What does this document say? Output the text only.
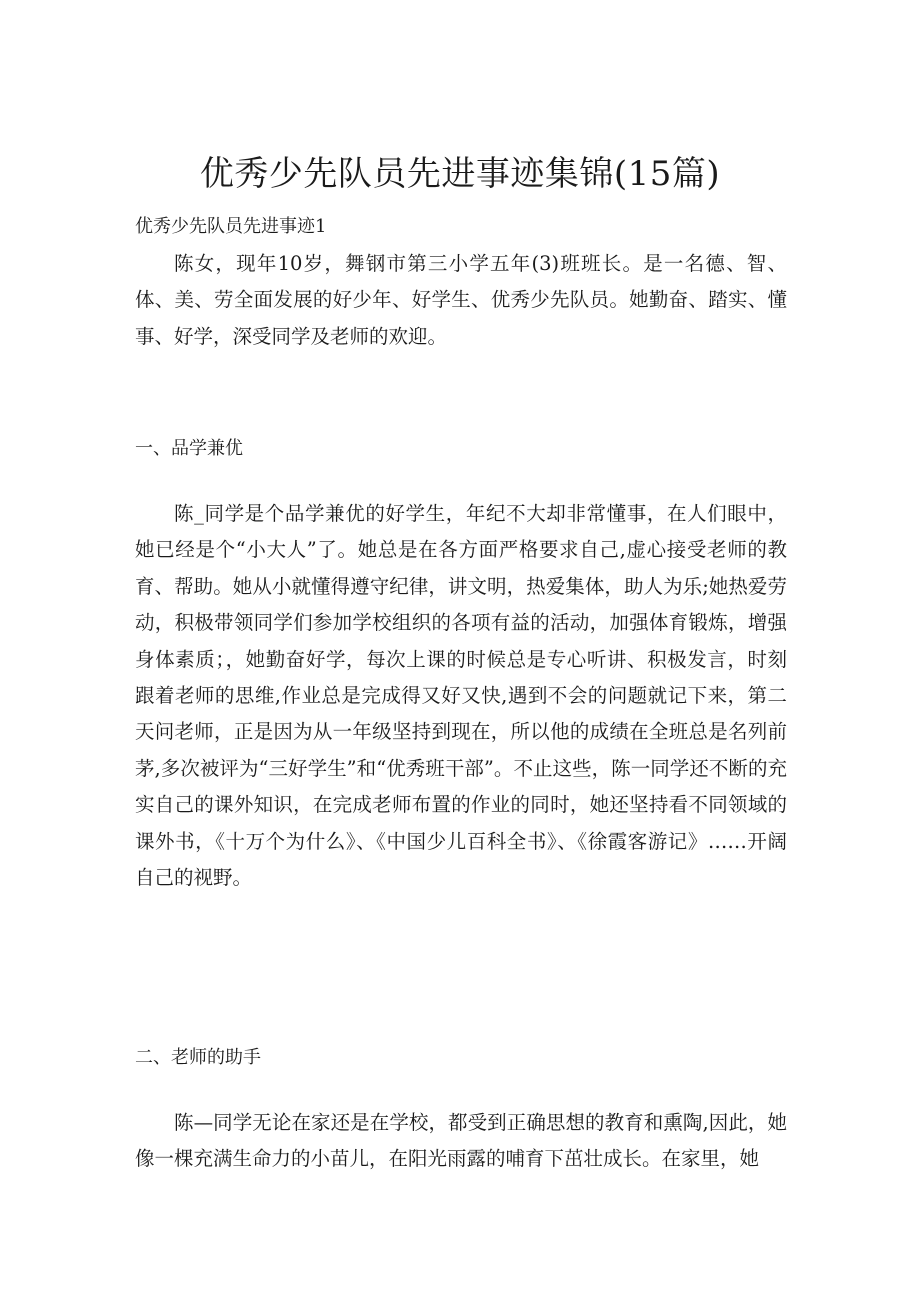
优秀少先队员先进事迹集锦(15篇)
优秀少先队员先进事迹1
陈女，现年10岁，舞钢市第三小学五年(3)班班长。是一名德、智、体、美、劳全面发展的好少年、好学生、优秀少先队员。她勤奋、踏实、懂事、好学，深受同学及老师的欢迎。
一、品学兼优
陈_同学是个品学兼优的好学生，年纪不大却非常懂事，在人们眼中，她已经是个“小大人”了。她总是在各方面严格要求自己,虚心接受老师的教育、帮助。她从小就懂得遵守纪律，讲文明，热爱集体，助人为乐;她热爱劳动，积极带领同学们参加学校组织的各项有益的活动，加强体育锻炼，增强身体素质；，她勤奋好学，每次上课的时候总是专心听讲、积极发言，时刻跟着老师的思维,作业总是完成得又好又快,遇到不会的问题就记下来，第二天问老师，正是因为从一年级坚持到现在，所以他的成绩在全班总是名列前茅,多次被评为“三好学生”和“优秀班干部”。不止这些，陈一同学还不断的充实自己的课外知识，在完成老师布置的作业的同时，她还坚持看不同领域的课外书，《十万个为什么》、《中国少儿百科全书》、《徐霞客游记》……开阔自己的视野。
二、老师的助手
陈—同学无论在家还是在学校，都受到正确思想的教育和熏陶,因此，她像一棵充满生命力的小苗儿，在阳光雨露的哺育下茁壮成长。在家里，她
